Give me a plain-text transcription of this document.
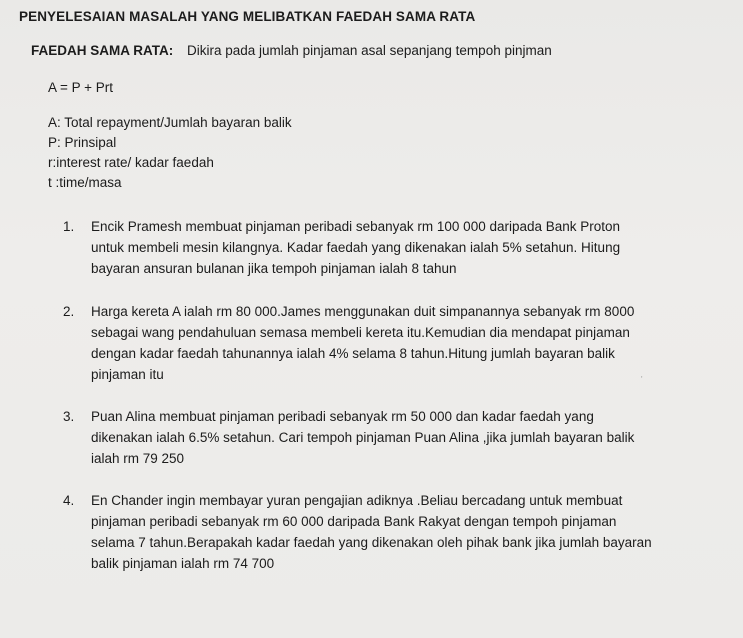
PENYELESAIAN MASALAH YANG MELIBATKAN FAEDAH SAMA RATA
FAEDAH SAMA RATA: Dikira pada jumlah pinjaman asal sepanjang tempoh pinjman
A = P + Prt
A: Total repayment/Jumlah bayaran balik
P: Prinsipal
r:interest rate/ kadar faedah
t :time/masa
1.	Encik Pramesh membuat pinjaman peribadi sebanyak rm 100 000 daripada Bank Proton
untuk membeli mesin kilangnya. Kadar faedah yang dikenakan ialah 5% setahun. Hitung
bayaran ansuran bulanan jika tempoh pinjaman ialah 8 tahun
2.	Harga kereta A ialah rm 80 000.James menggunakan duit simpanannya sebanyak rm 8000
sebagai wang pendahuluan semasa membeli kereta itu.Kemudian dia mendapat pinjaman
dengan kadar faedah tahunannya ialah 4% selama 8 tahun.Hitung jumlah bayaran balik
pinjaman itu	'
3.	Puan Alina membuat pinjaman peribadi sebanyak rm 50 000 dan kadar faedah yang
dikenakan ialah 6.5% setahun. Cari tempoh pinjaman Puan Alina ,jika jumlah bayaran balik
ialah rm 79 250
4.	En Chander ingin membayar yuran pengajian adiknya .Beliau bercadang untuk membuat
pinjaman peribadi sebanyak rm 60 000 daripada Bank Rakyat dengan tempoh pinjaman
selama 7 tahun.Berapakah kadar faedah yang dikenakan oleh pihak bank jika jumlah bayaran
balik pinjaman ialah rm 74 700
